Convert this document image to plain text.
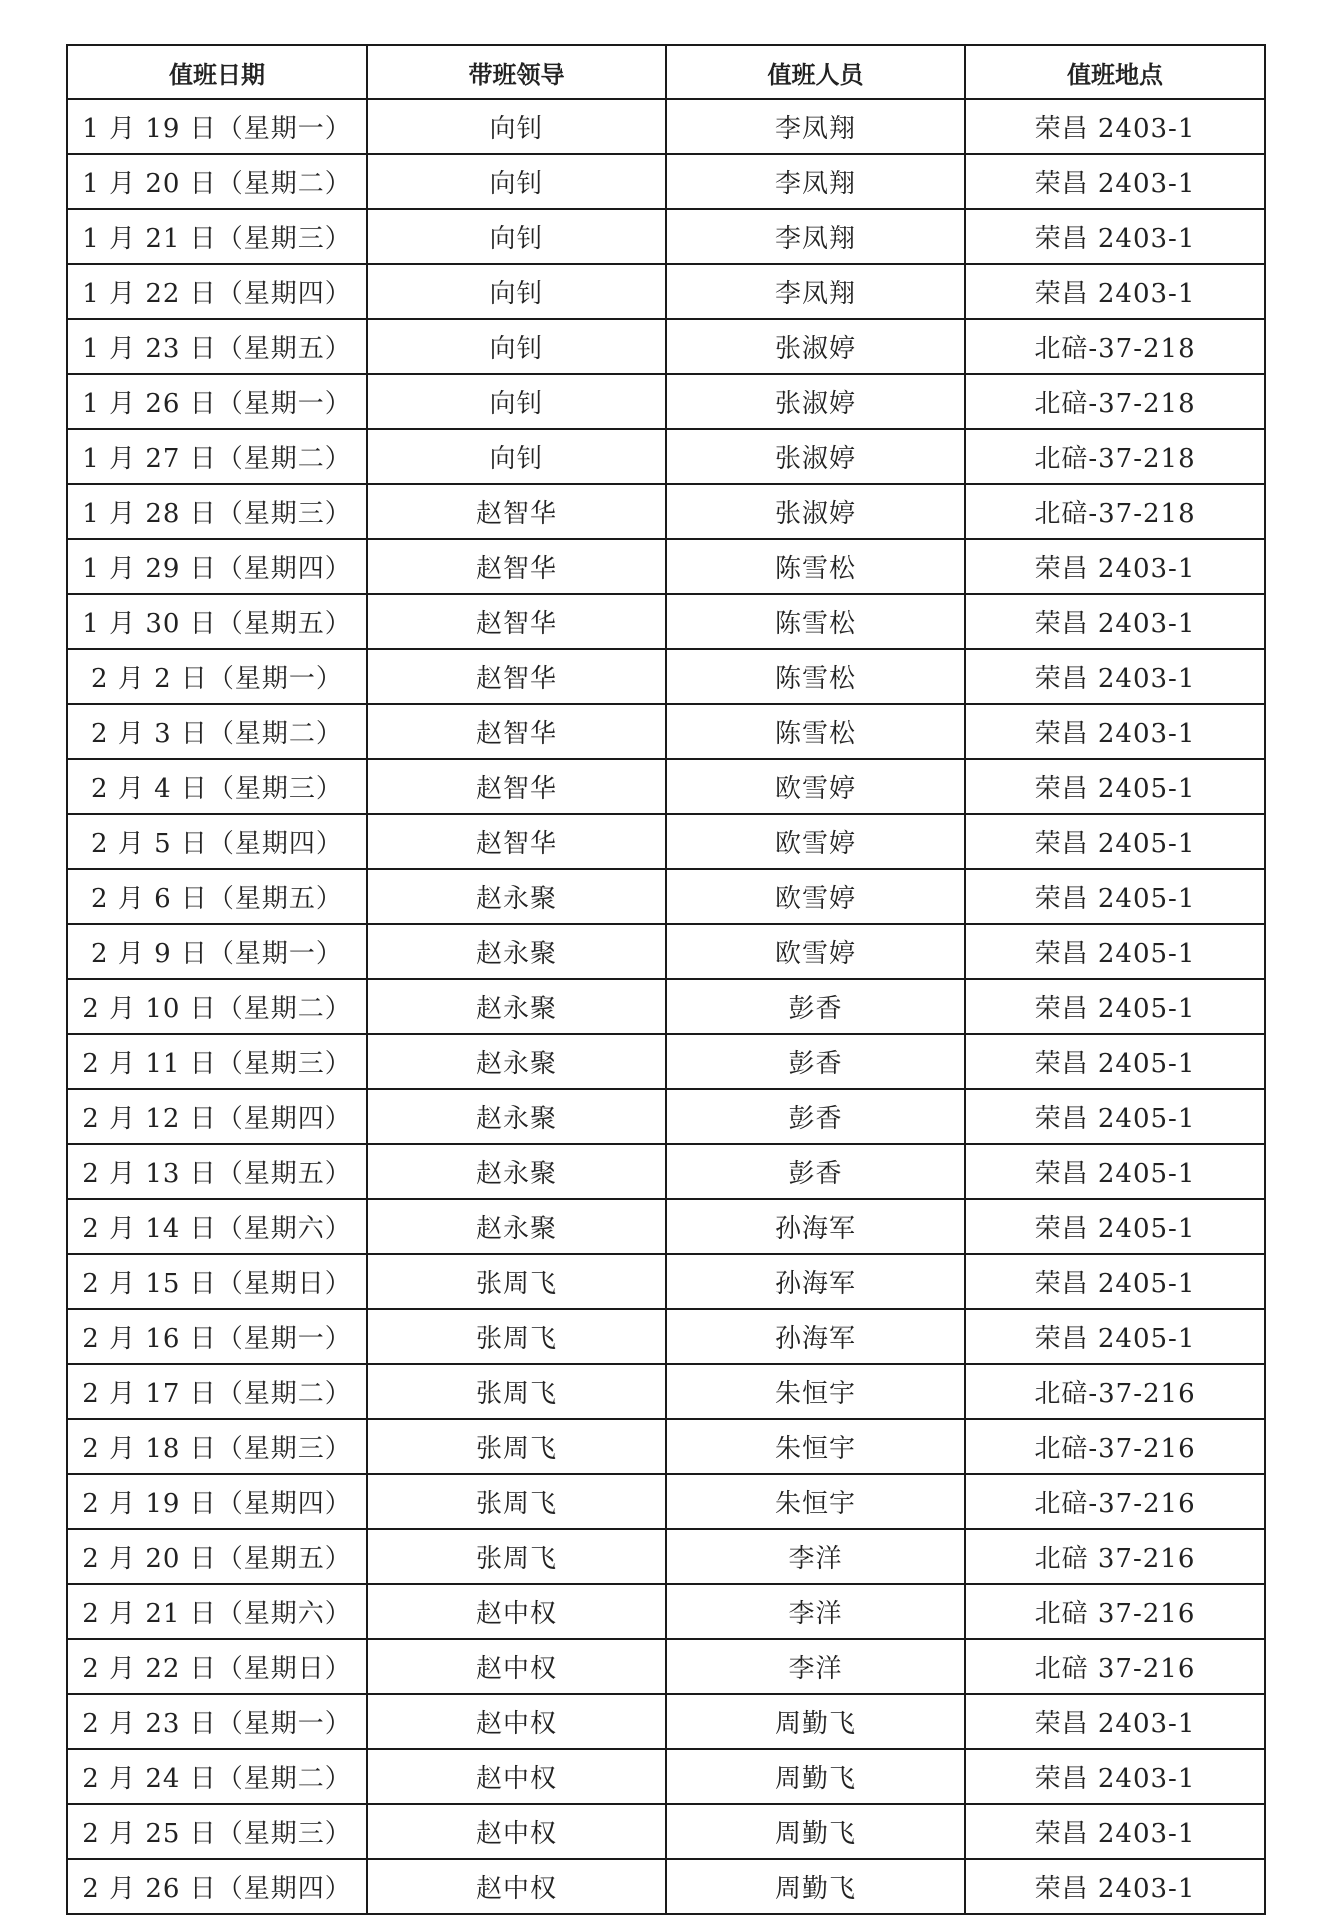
值班日期	带班领导	值班人员	值班地点
1 月 19 日（星期一）	向钊	李凤翔	荣昌 2403-1
1 月 20 日（星期二）	向钊	李凤翔	荣昌 2403-1
1 月 21 日（星期三）	向钊	李凤翔	荣昌 2403-1
1 月 22 日（星期四）	向钊	李凤翔	荣昌 2403-1
1 月 23 日（星期五）	向钊	张淑婷	北碚-37-218
1 月 26 日（星期一）	向钊	张淑婷	北碚-37-218
1 月 27 日（星期二）	向钊	张淑婷	北碚-37-218
1 月 28 日（星期三）	赵智华	张淑婷	北碚-37-218
1 月 29 日（星期四）	赵智华	陈雪松	荣昌 2403-1
1 月 30 日（星期五）	赵智华	陈雪松	荣昌 2403-1
2 月 2 日（星期一）	赵智华	陈雪松	荣昌 2403-1
2 月 3 日（星期二）	赵智华	陈雪松	荣昌 2403-1
2 月 4 日（星期三）	赵智华	欧雪婷	荣昌 2405-1
2 月 5 日（星期四）	赵智华	欧雪婷	荣昌 2405-1
2 月 6 日（星期五）	赵永聚	欧雪婷	荣昌 2405-1
2 月 9 日（星期一）	赵永聚	欧雪婷	荣昌 2405-1
2 月 10 日（星期二）	赵永聚	彭香	荣昌 2405-1
2 月 11 日（星期三）	赵永聚	彭香	荣昌 2405-1
2 月 12 日（星期四）	赵永聚	彭香	荣昌 2405-1
2 月 13 日（星期五）	赵永聚	彭香	荣昌 2405-1
2 月 14 日（星期六）	赵永聚	孙海军	荣昌 2405-1
2 月 15 日（星期日）	张周飞	孙海军	荣昌 2405-1
2 月 16 日（星期一）	张周飞	孙海军	荣昌 2405-1
2 月 17 日（星期二）	张周飞	朱恒宇	北碚-37-216
2 月 18 日（星期三）	张周飞	朱恒宇	北碚-37-216
2 月 19 日（星期四）	张周飞	朱恒宇	北碚-37-216
2 月 20 日（星期五）	张周飞	李洋	北碚 37-216
2 月 21 日（星期六）	赵中权	李洋	北碚 37-216
2 月 22 日（星期日）	赵中权	李洋	北碚 37-216
2 月 23 日（星期一）	赵中权	周勤飞	荣昌 2403-1
2 月 24 日（星期二）	赵中权	周勤飞	荣昌 2403-1
2 月 25 日（星期三）	赵中权	周勤飞	荣昌 2403-1
2 月 26 日（星期四）	赵中权	周勤飞	荣昌 2403-1
